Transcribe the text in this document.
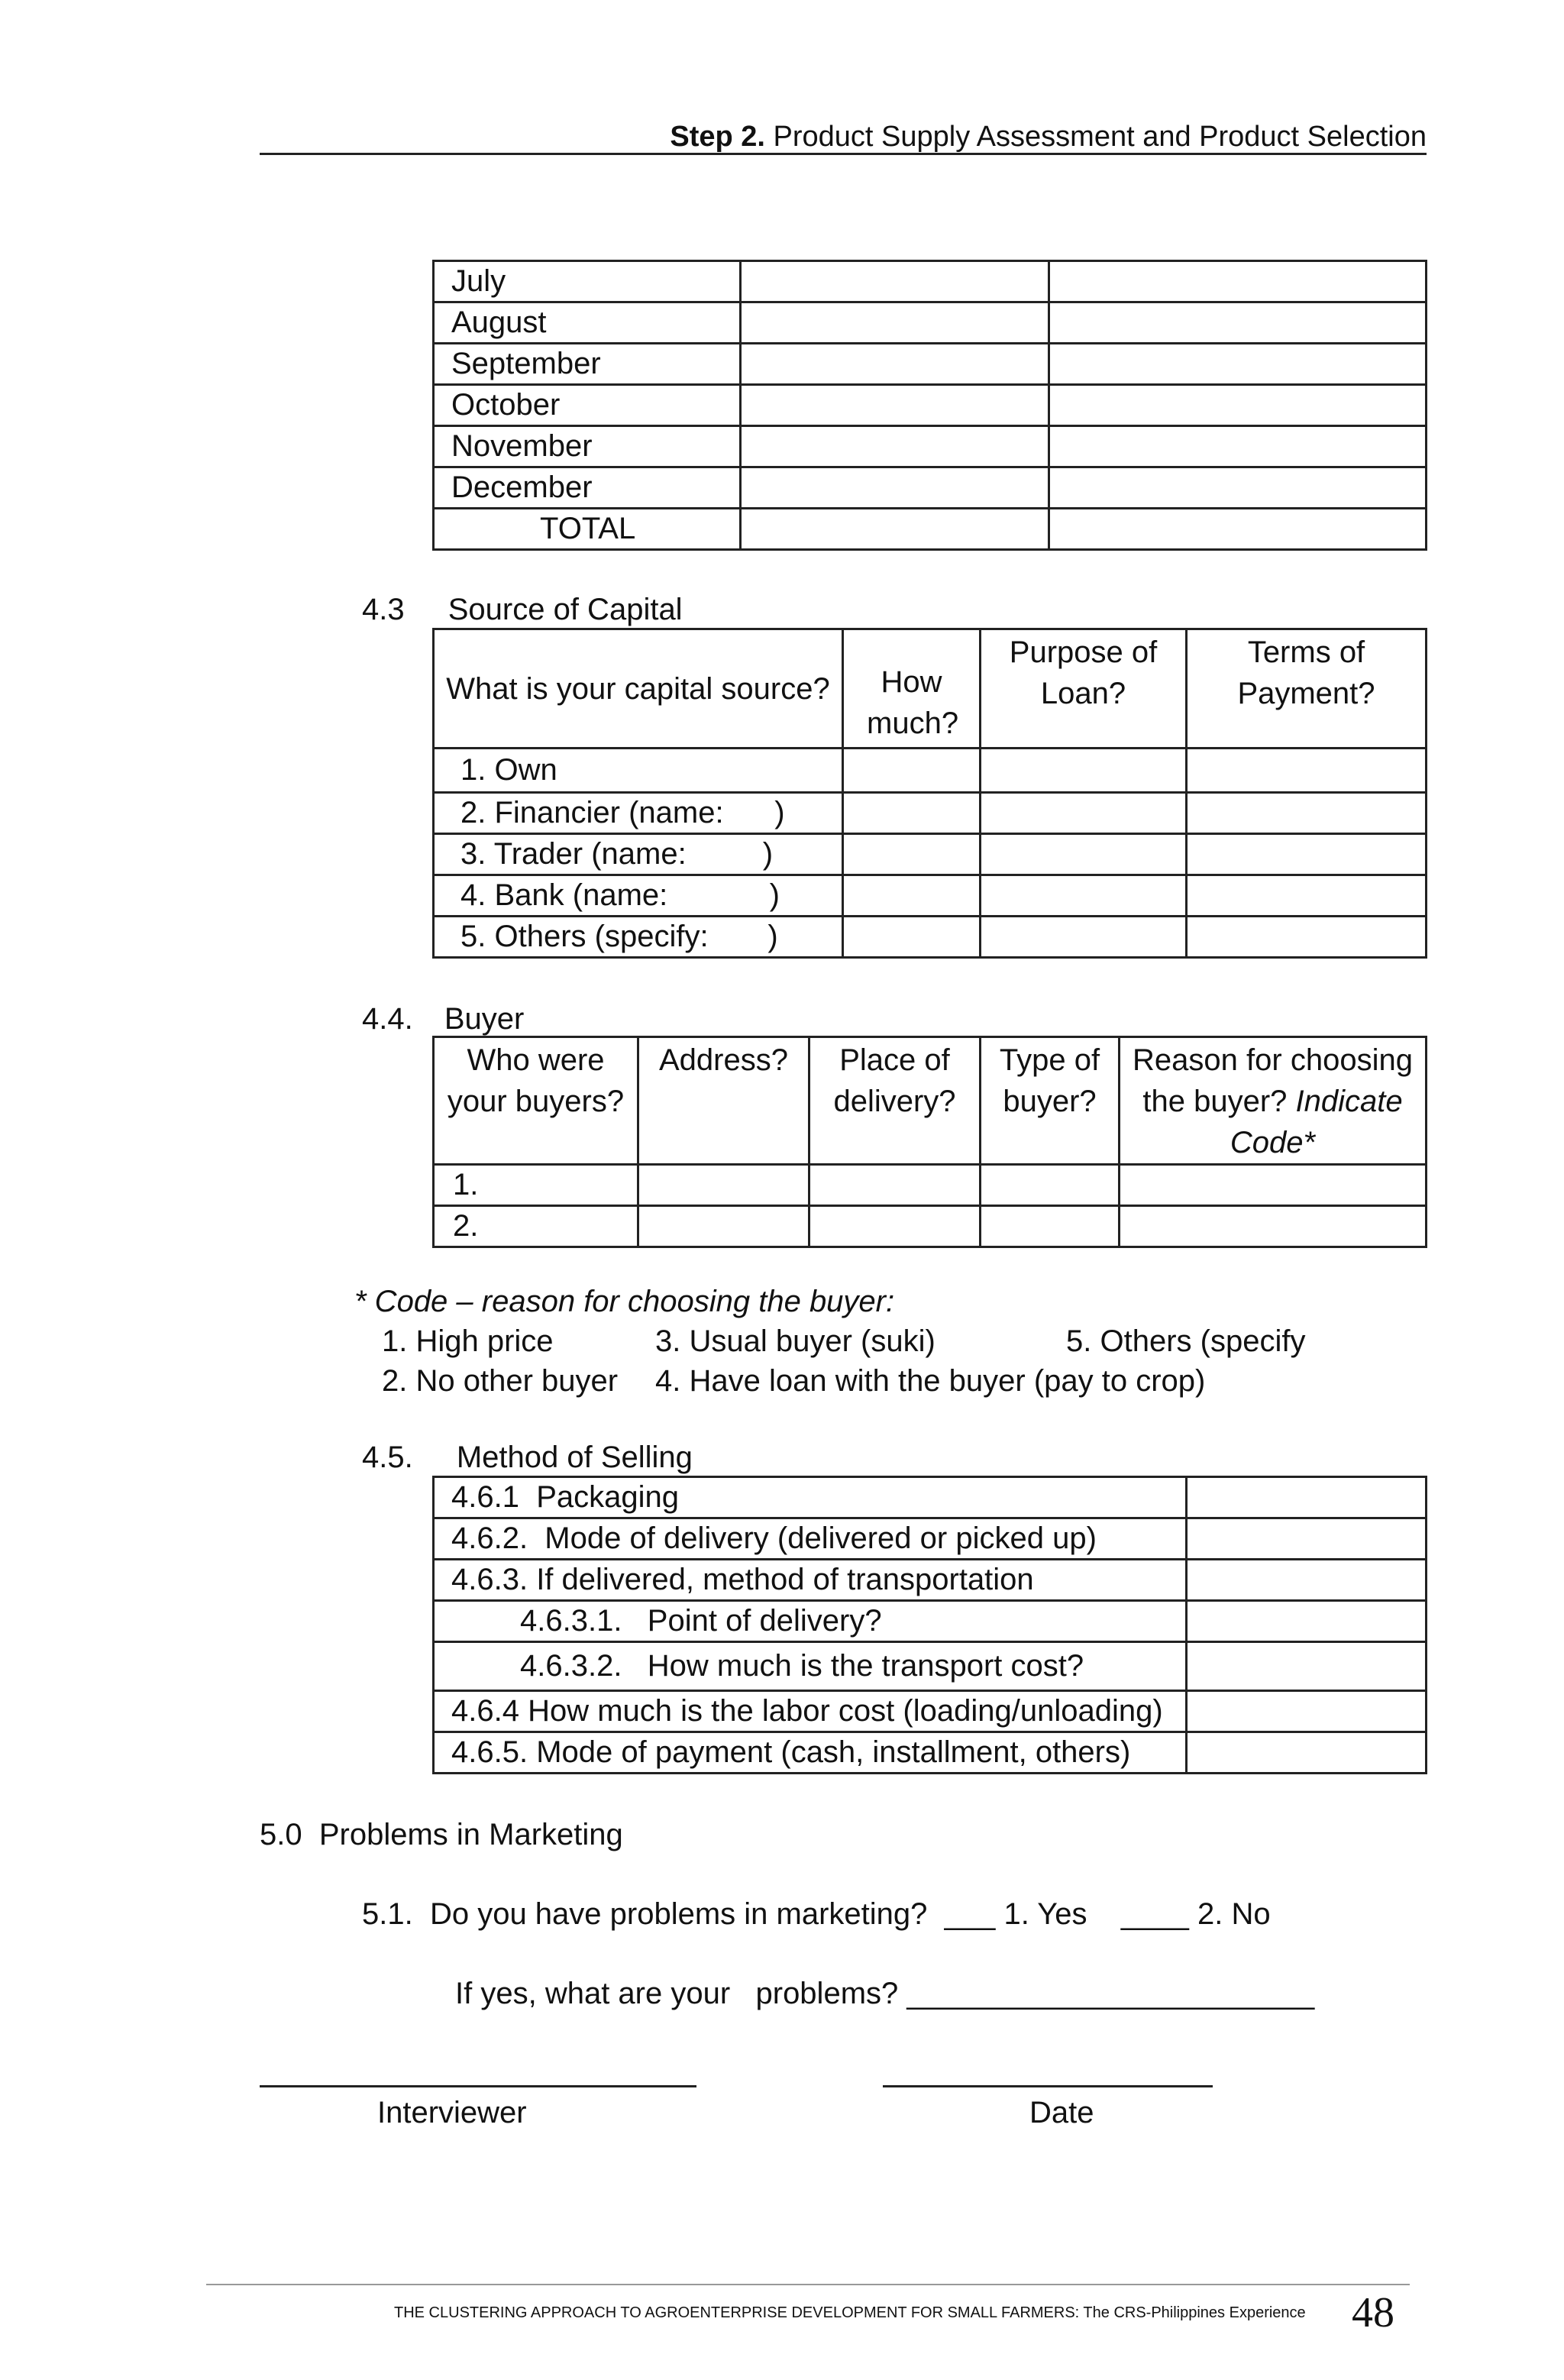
Step 2. Product Supply Assessment and Product Selection
July		
August		
September		
October		
November		
December		
TOTAL		
4.3 Source of Capital
What is your capital source?	How much?	Purpose of Loan?	Terms of Payment?
1. Own			
2. Financier (name:      )			
3. Trader (name:         )			
4. Bank (name:            )			
5. Others (specify:       )			
4.4. Buyer
Who were your buyers?	Address?	Place of delivery?	Type of buyer?	Reason for choosing the buyer? Indicate Code*
1.				
2.				
* Code – reason for choosing the buyer:
1. High price	3. Usual buyer (suki)	5. Others (specify
2. No other buyer 4. Have loan with the buyer (pay to crop)
4.5. Method of Selling
4.6.1  Packaging	
4.6.2.  Mode of delivery (delivered or picked up)	
4.6.3. If delivered, method of transportation	
4.6.3.1.   Point of delivery?	
4.6.3.2.   How much is the transport cost?	
4.6.4 How much is the labor cost (loading/unloading)	
4.6.5. Mode of payment (cash, installment, others)	
5.0  Problems in Marketing
5.1.  Do you have problems in marketing?  ___ 1. Yes    ____ 2. No
If yes, what are your   problems? ________________________
Interviewer	Date
THE CLUSTERING APPROACH TO AGROENTERPRISE DEVELOPMENT FOR SMALL FARMERS: The CRS-Philippines Experience 48
